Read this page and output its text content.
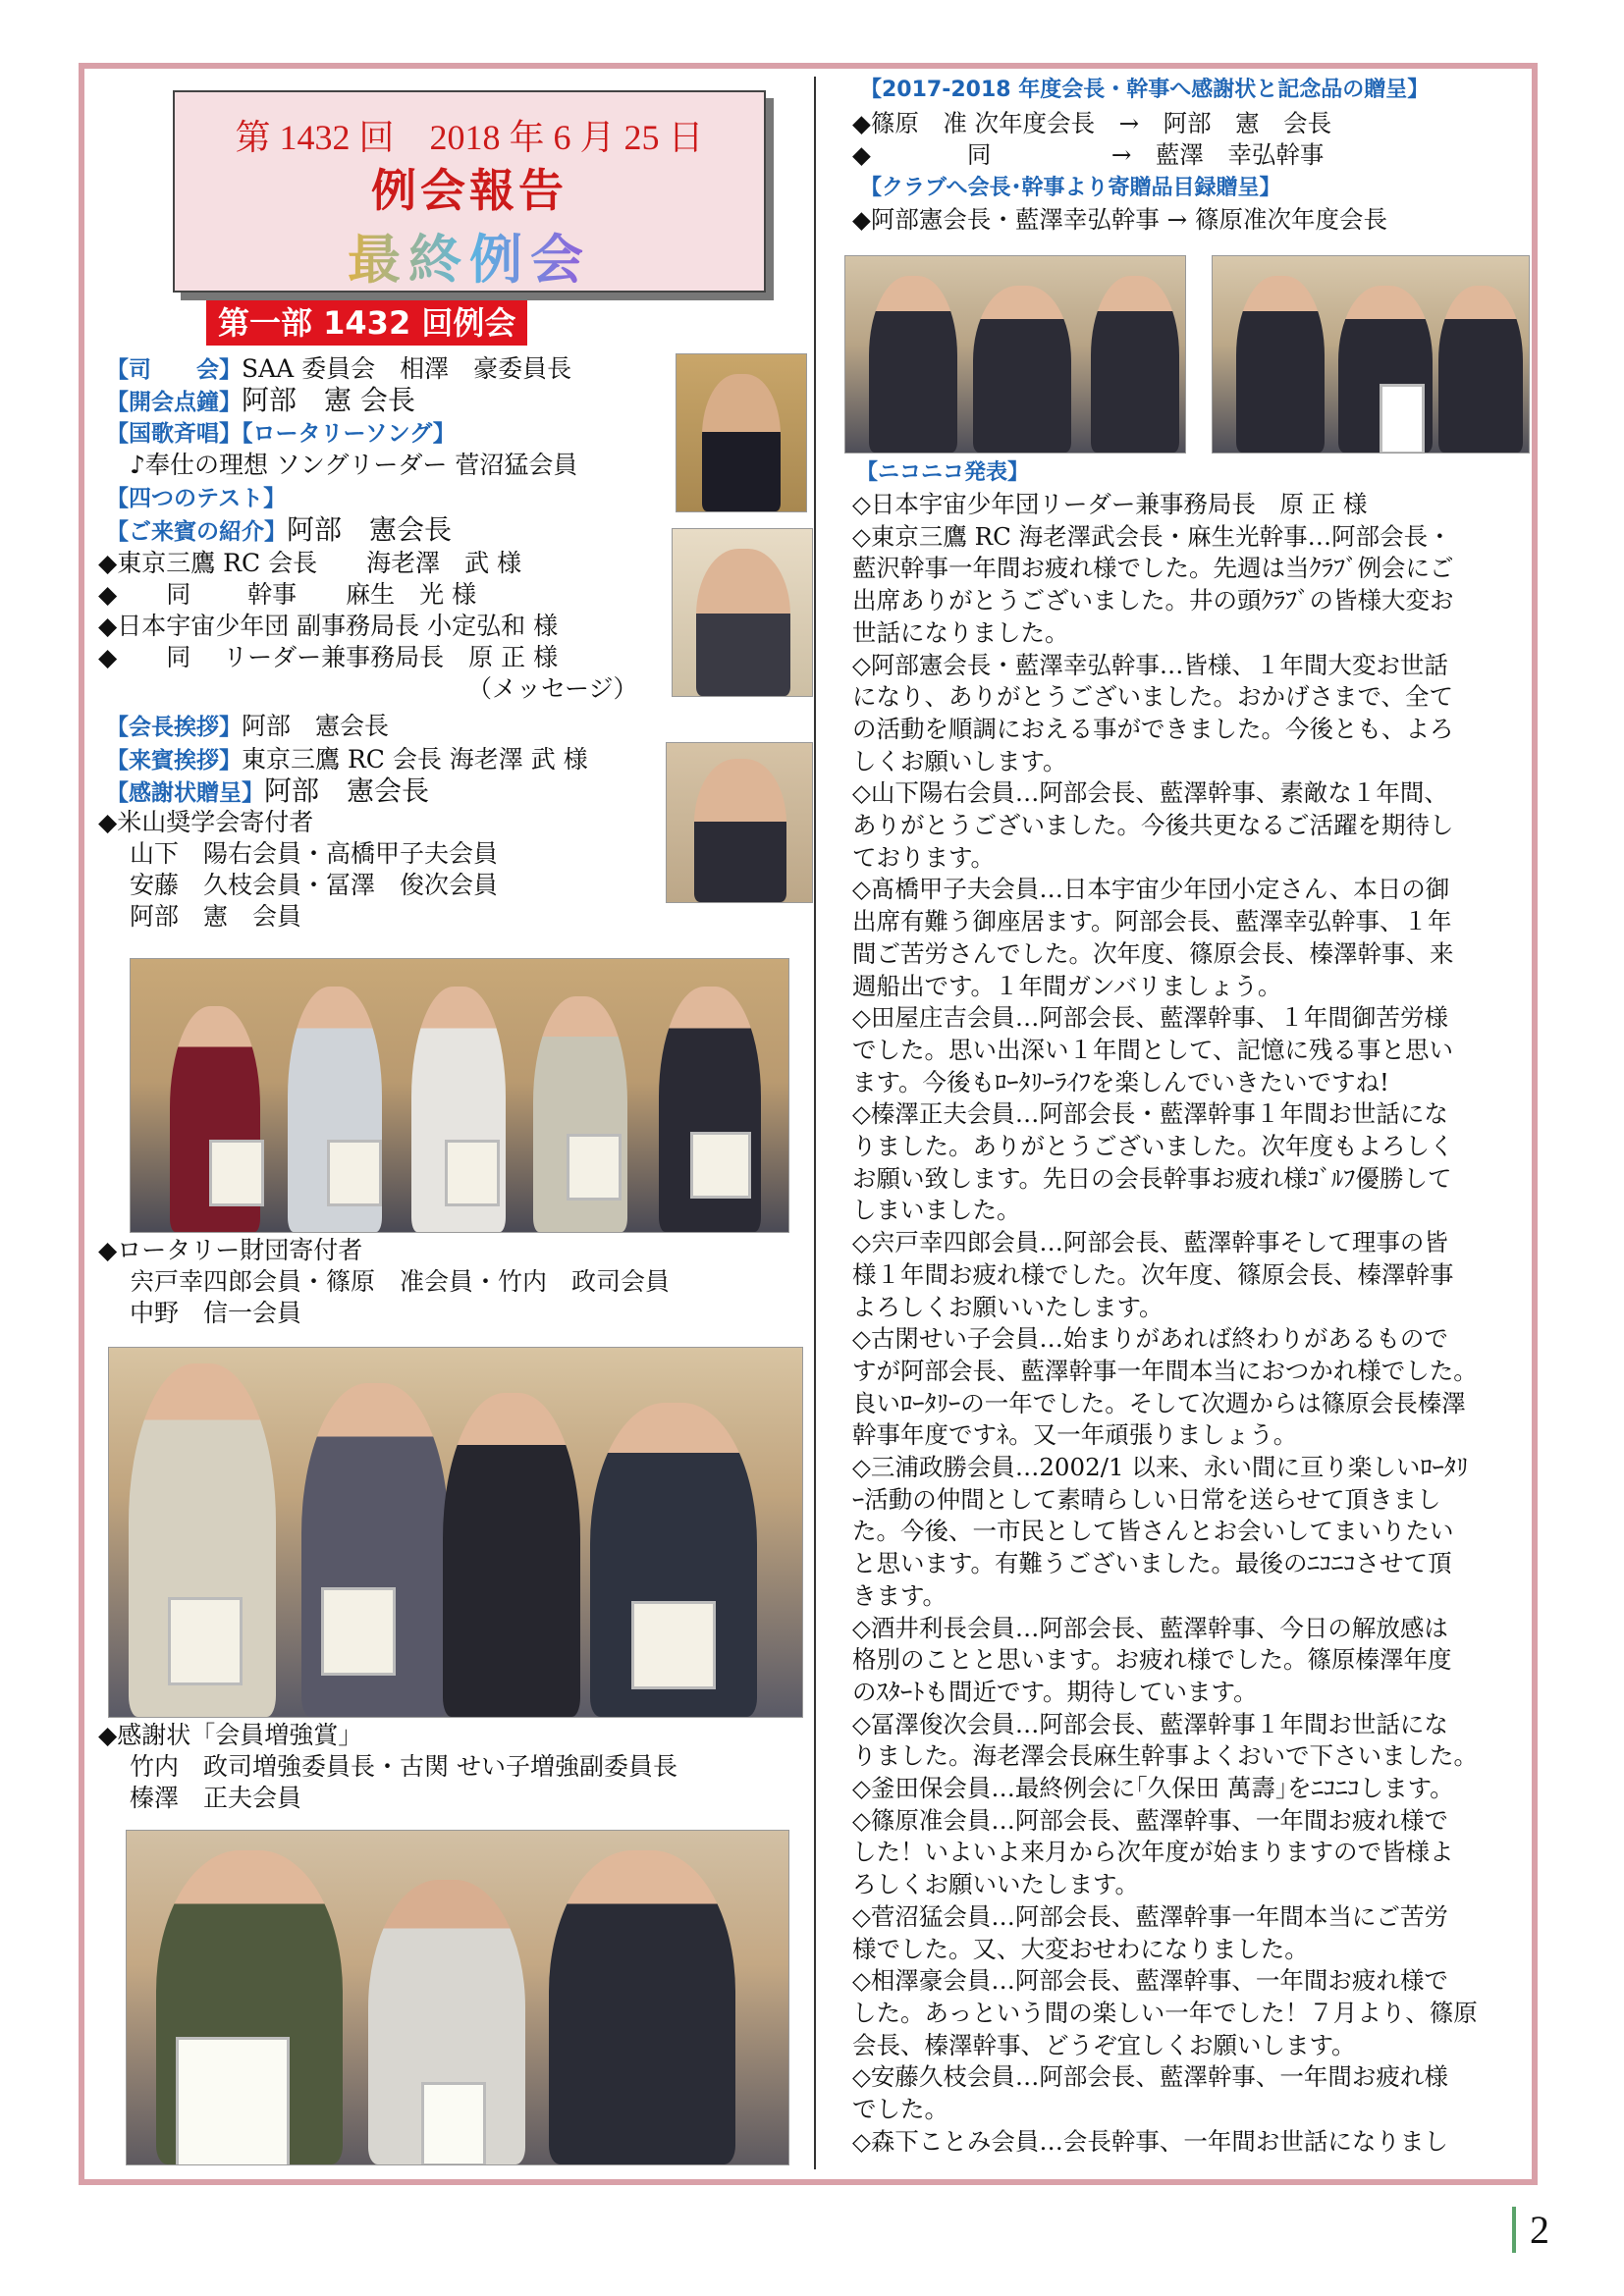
第 1432 回　2018 年 6 月 25 日
例会報告
最終例会
第一部 1432 回例会
【司　　会】SAA 委員会　相澤　豪委員長
【開会点鐘】阿部　憲 会長
【国歌斉唱】【ロータリーソング】
♪奉仕の理想 ソングリーダー 菅沼猛会員
【四つのテスト】
【ご来賓の紹介】阿部　憲会長
◆東京三鷹 RC 会長　　海老澤　武 様
◆　　同　　 幹事　　麻生　光 様
◆日本宇宙少年団 副事務局長 小定弘和 様
◆　　同　 リーダー兼事務局長　原 正 様
（メッセージ）
【会長挨拶】阿部　憲会長
【来賓挨拶】東京三鷹 RC 会長 海老澤 武 様
【感謝状贈呈】阿部　憲会長
◆米山奨学会寄付者
山下　陽右会員・高橋甲子夫会員
安藤　久枝会員・冨澤　俊次会員
阿部　憲　会員
◆ロータリー財団寄付者
宍戸幸四郎会員・篠原　准会員・竹内　政司会員
中野　信一会員
◆感謝状「会員増強賞」
竹内　政司増強委員長・古関 せい子増強副委員長
榛澤　正夫会員
【2017-2018 年度会長・幹事へ感謝状と記念品の贈呈】
◆篠原　准 次年度会長　→　阿部　憲　会長
◆　　　　同　　　　　→　藍澤　幸弘幹事
【クラブへ会長･幹事より寄贈品目録贈呈】
◆阿部憲会長・藍澤幸弘幹事 → 篠原准次年度会長
【ニコニコ発表】
◇日本宇宙少年団リーダー兼事務局長　原 正 様
◇東京三鷹 RC 海老澤武会長・麻生光幹事…阿部会長・
藍沢幹事一年間お疲れ様でした。先週は当ｸﾗﾌﾞ例会にご
出席ありがとうございました。井の頭ｸﾗﾌﾞの皆様大変お
世話になりました。
◇阿部憲会長・藍澤幸弘幹事…皆様、１年間大変お世話
になり、ありがとうございました。おかげさまで、全て
の活動を順調におえる事ができました。今後とも、よろ
しくお願いします。
◇山下陽右会員…阿部会長、藍澤幹事、素敵な１年間、
ありがとうございました。今後共更なるご活躍を期待し
ております。
◇髙橋甲子夫会員…日本宇宙少年団小定さん、本日の御
出席有難う御座居ます。阿部会長、藍澤幸弘幹事、１年
間ご苦労さんでした。次年度、篠原会長、榛澤幹事、来
週船出です。１年間ガンバリましょう。
◇田屋庄吉会員…阿部会長、藍澤幹事、１年間御苦労様
でした。思い出深い１年間として、記憶に残る事と思い
ます。今後もﾛｰﾀﾘｰﾗｲﾌを楽しんでいきたいですね!
◇榛澤正夫会員…阿部会長・藍澤幹事１年間お世話にな
りました。ありがとうございました。次年度もよろしく
お願い致します。先日の会長幹事お疲れ様ｺﾞﾙﾌ優勝して
しまいました。
◇宍戸幸四郎会員…阿部会長、藍澤幹事そして理事の皆
様１年間お疲れ様でした。次年度、篠原会長、榛澤幹事
よろしくお願いいたします。
◇古閑せい子会員…始まりがあれば終わりがあるもので
すが阿部会長、藍澤幹事一年間本当におつかれ様でした。
良いﾛｰﾀﾘｰの一年でした。そして次週からは篠原会長榛澤
幹事年度ですﾈ。又一年頑張りましょう。
◇三浦政勝会員…2002/1 以来、永い間に亘り楽しいﾛｰﾀﾘ
ｰ活動の仲間として素晴らしい日常を送らせて頂きまし
た。今後、一市民として皆さんとお会いしてまいりたい
と思います。有難うございました。最後のﾆｺﾆｺさせて頂
きます。
◇酒井利長会員…阿部会長、藍澤幹事、今日の解放感は
格別のことと思います。お疲れ様でした。篠原榛澤年度
のｽﾀｰﾄも間近です。期待しています。
◇冨澤俊次会員…阿部会長、藍澤幹事１年間お世話にな
りました。海老澤会長麻生幹事よくおいで下さいました。
◇釜田保会員…最終例会に｢久保田 萬壽｣をﾆｺﾆｺします。
◇篠原准会員…阿部会長、藍澤幹事、一年間お疲れ様で
した！いよいよ来月から次年度が始まりますので皆様よ
ろしくお願いいたします。
◇菅沼猛会員…阿部会長、藍澤幹事一年間本当にご苦労
様でした。又、大変おせわになりました。
◇相澤豪会員…阿部会長、藍澤幹事、一年間お疲れ様で
した。あっという間の楽しい一年でした！７月より、篠原
会長、榛澤幹事、どうぞ宜しくお願いします。
◇安藤久枝会員…阿部会長、藍澤幹事、一年間お疲れ様
でした。
◇森下ことみ会員…会長幹事、一年間お世話になりまし
2
